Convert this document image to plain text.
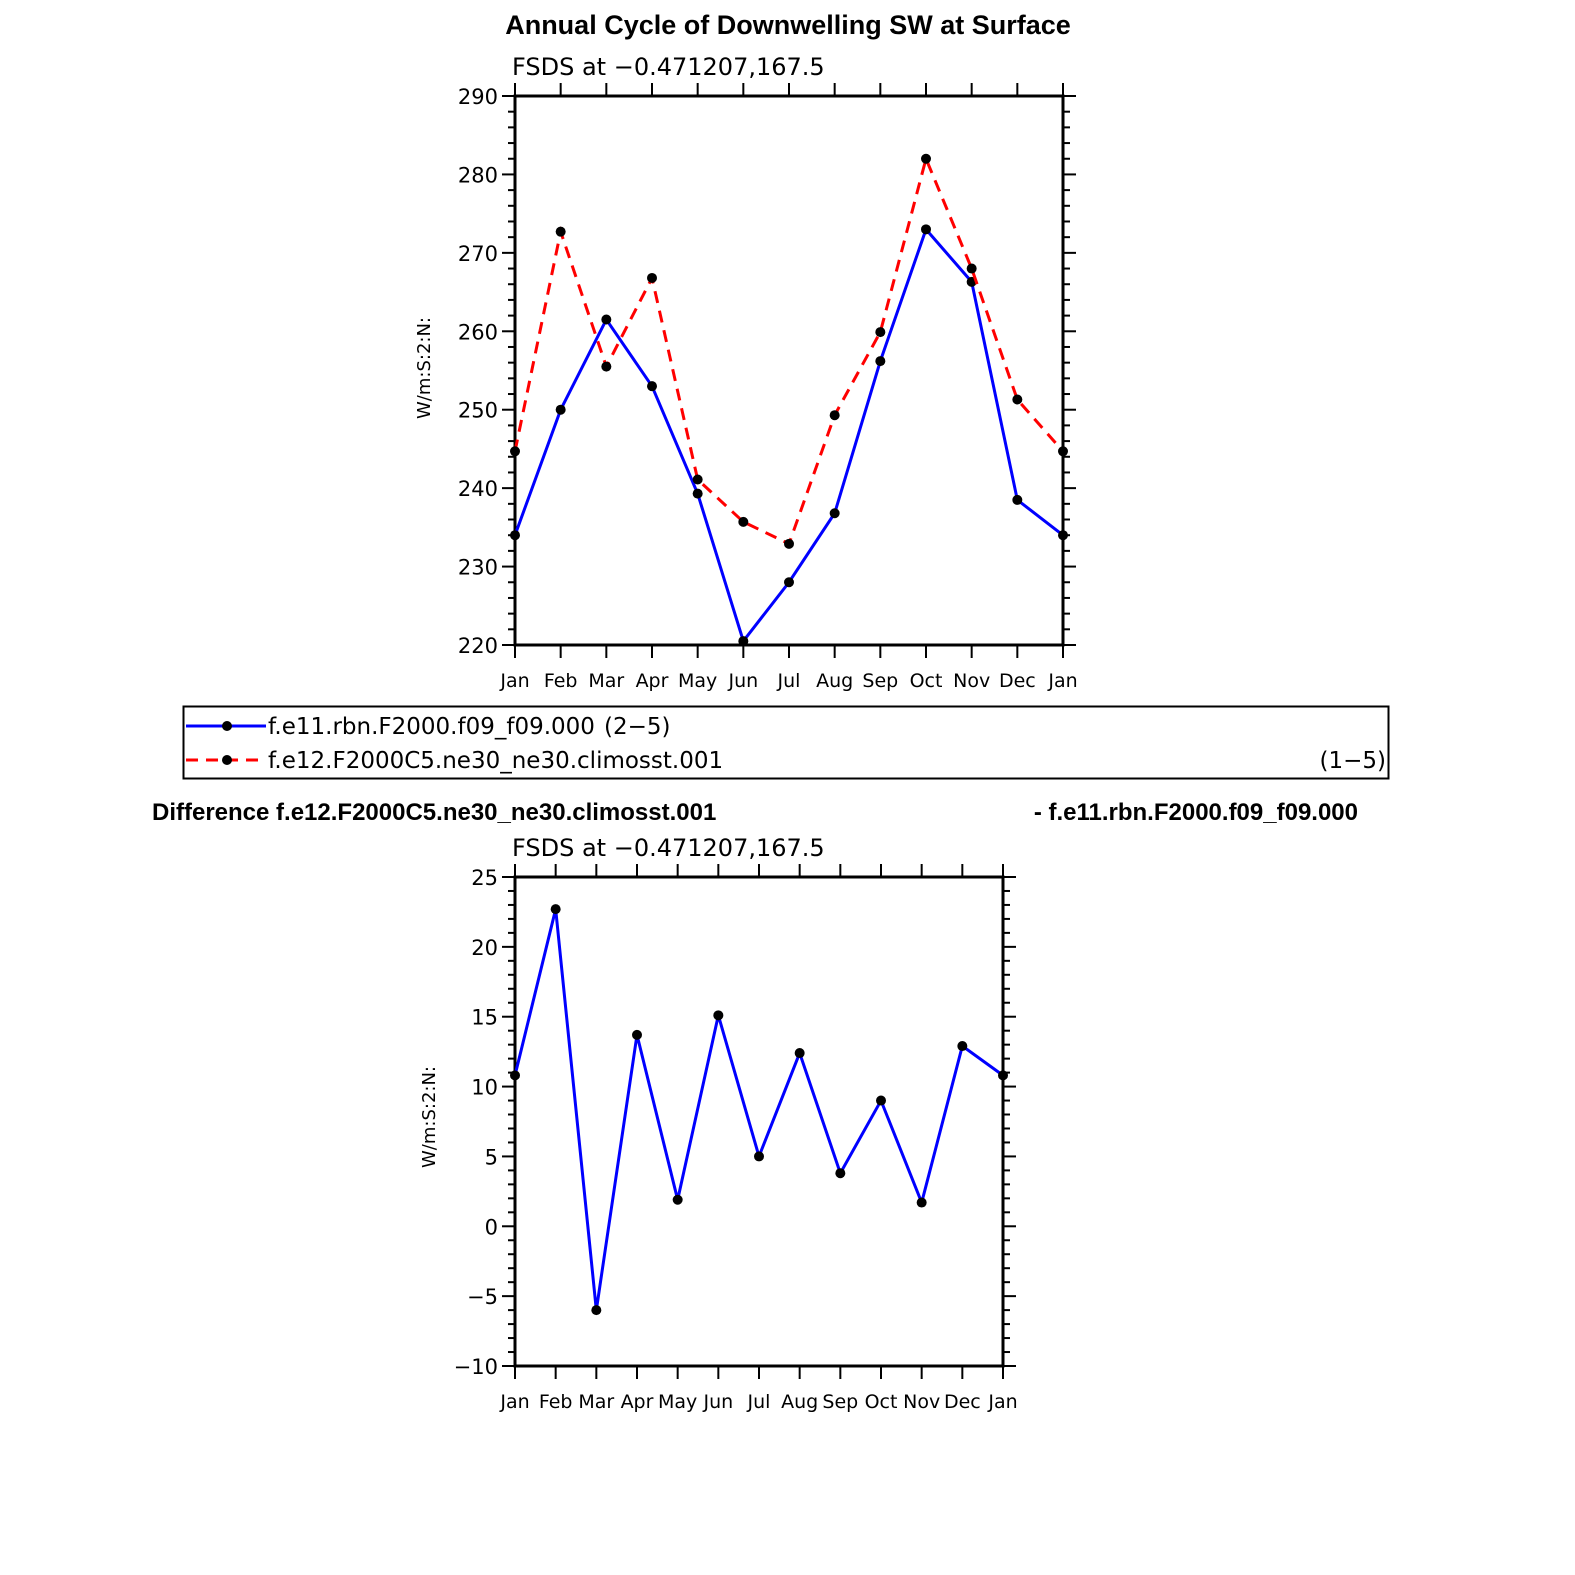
Annual Cycle of Downwelling SW at Surface
FSDS at −0.471207,167.5
W/m:S:2:N:
220
230
240
250
260
270
280
290
Jan Feb Mar Apr May Jun Jul Aug Sep Oct Nov Dec Jan
f.e11.rbn.F2000.f09_f09.000 (2−5)
f.e12.F2000C5.ne30_ne30.climosst.001	(1−5)
Difference f.e12.F2000C5.ne30_ne30.climosst.001	- f.e11.rbn.F2000.f09_f09.000
FSDS at −0.471207,167.5
W/m:S:2:N:
−10
−5
0
5
10
15
20
25
Jan Feb Mar Apr May Jun Jul Aug Sep Oct Nov Dec Jan
